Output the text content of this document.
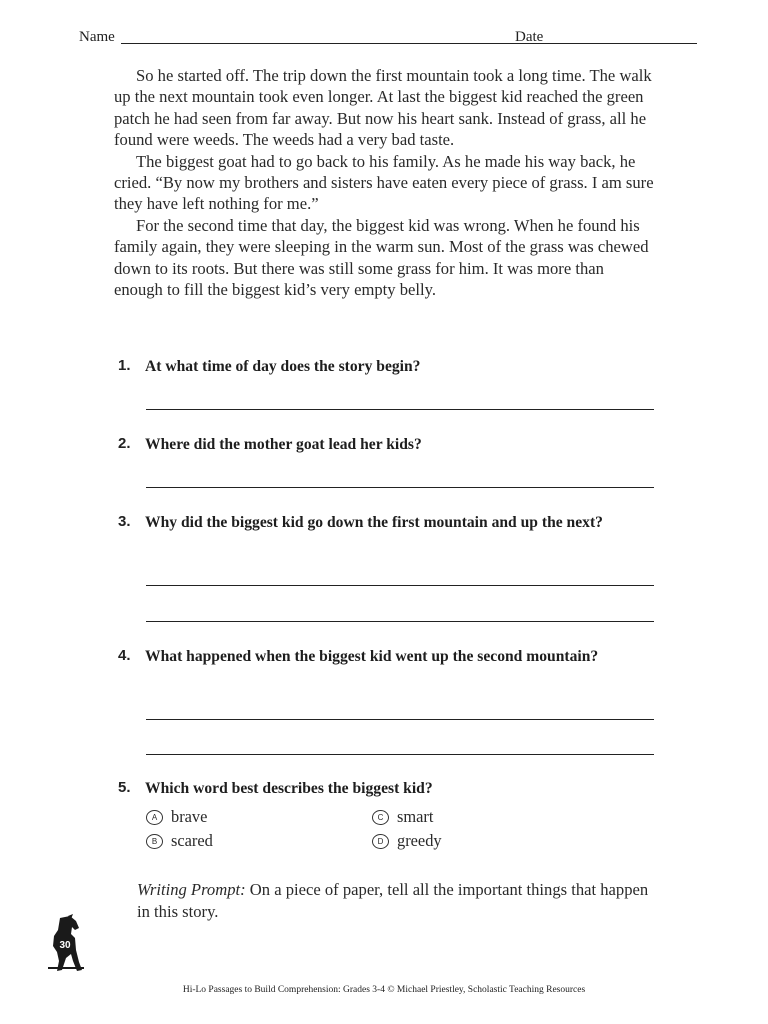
Name	Date

So he started off. The trip down the first mountain took a long time. The walk up the next mountain took even longer. At last the biggest kid reached the green patch he had seen from far away. But now his heart sank. Instead of grass, all he found were weeds. The weeds had a very bad taste.

The biggest goat had to go back to his family. As he made his way back, he cried. “By now my brothers and sisters have eaten every piece of grass. I am sure they have left nothing for me.”

For the second time that day, the biggest kid was wrong. When he found his family again, they were sleeping in the warm sun. Most of the grass was chewed down to its roots. But there was still some grass for him. It was more than enough to fill the biggest kid’s very empty belly.

1. At what time of day does the story begin?
2. Where did the mother goat lead her kids?
3. Why did the biggest kid go down the first mountain and up the next?
4. What happened when the biggest kid went up the second mountain?
5. Which word best describes the biggest kid?
A brave
B scared
C smart
D greedy
Writing Prompt: On a piece of paper, tell all the important things that happen in this story.
30
Hi-Lo Passages to Build Comprehension: Grades 3-4 © Michael Priestley, Scholastic Teaching Resources
